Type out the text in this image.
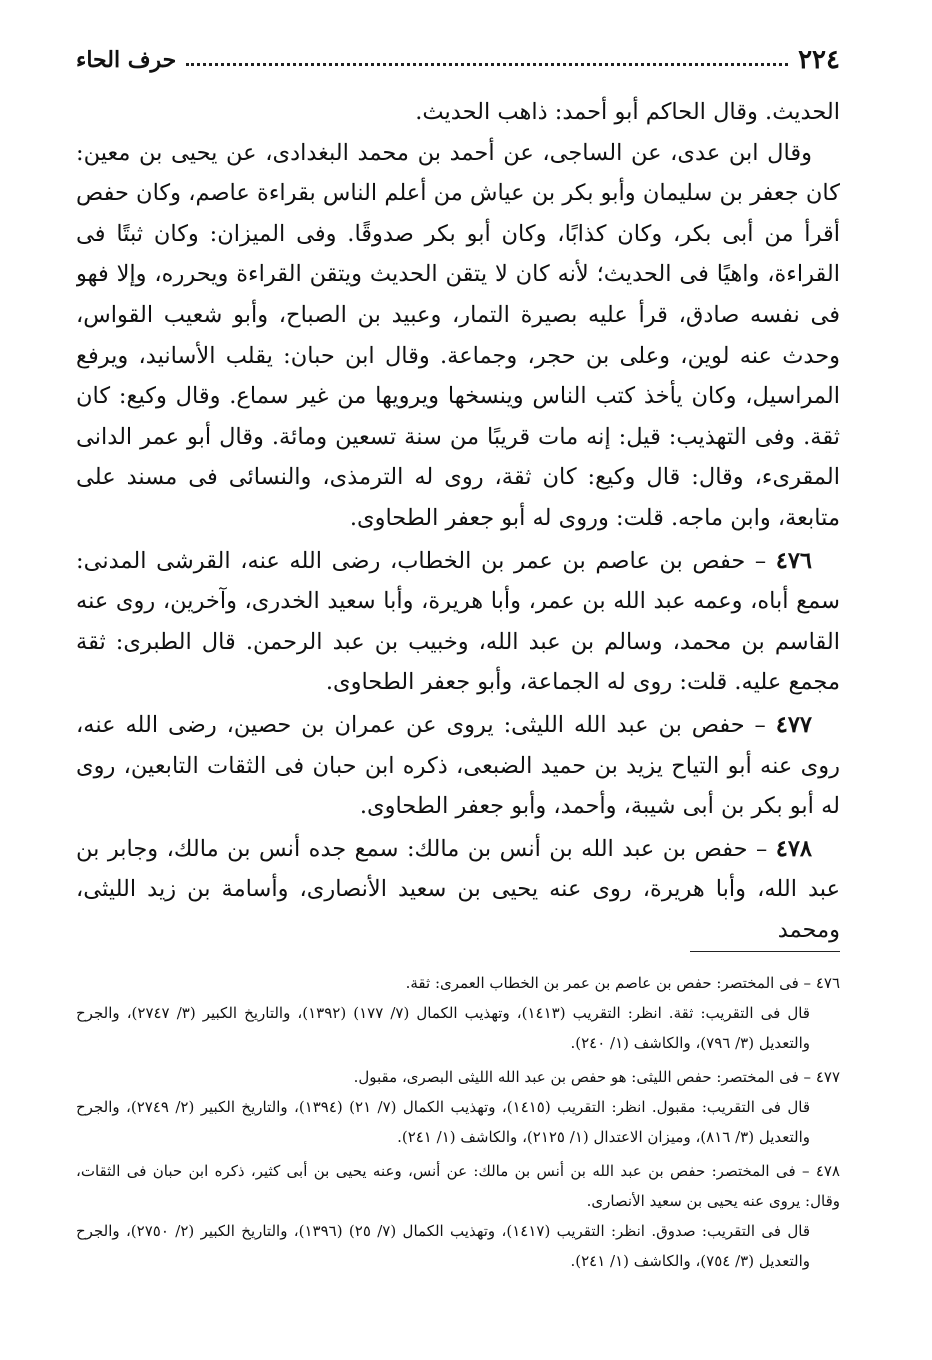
٢٢٤
حرف الحاء

الحديث. وقال الحاكم أبو أحمد: ذاهب الحديث.

وقال ابن عدى، عن الساجى، عن أحمد بن محمد البغدادى، عن يحيى بن معين: كان جعفر بن سليمان وأبو بكر بن عياش من أعلم الناس بقراءة عاصم، وكان حفص أقرأ من أبى بكر، وكان كذابًا، وكان أبو بكر صدوقًا. وفى الميزان: وكان ثبتًا فى القراءة، واهيًا فى الحديث؛ لأنه كان لا يتقن الحديث ويتقن القراءة ويحرره، وإلا فهو فى نفسه صادق، قرأ عليه بصيرة التمار، وعبيد بن الصباح، وأبو شعيب القواس، وحدث عنه لوين، وعلى بن حجر، وجماعة. وقال ابن حبان: يقلب الأسانيد، ويرفع المراسيل، وكان يأخذ كتب الناس وينسخها ويرويها من غير سماع. وقال وكيع: كان ثقة. وفى التهذيب: قيل: إنه مات قريبًا من سنة تسعين ومائة. وقال أبو عمر الدانى المقرىء، وقال: قال وكيع: كان ثقة، روى له الترمذى، والنسائى فى مسند على متابعة، وابن ماجه. قلت: وروى له أبو جعفر الطحاوى.

٤٧٦ – حفص بن عاصم بن عمر بن الخطاب، رضى الله عنه، القرشى المدنى: سمع أباه، وعمه عبد الله بن عمر، وأبا هريرة، وأبا سعيد الخدرى، وآخرين، روى عنه القاسم بن محمد، وسالم بن عبد الله، وخبيب بن عبد الرحمن. قال الطبرى: ثقة مجمع عليه. قلت: روى له الجماعة، وأبو جعفر الطحاوى.

٤٧٧ – حفص بن عبد الله الليثى: يروى عن عمران بن حصين، رضى الله عنه، روى عنه أبو التياح يزيد بن حميد الضبعى، ذكره ابن حبان فى الثقات التابعين، روى له أبو بكر بن أبى شيبة، وأحمد، وأبو جعفر الطحاوى.

٤٧٨ – حفص بن عبد الله بن أنس بن مالك: سمع جده أنس بن مالك، وجابر بن عبد الله، وأبا هريرة، روى عنه يحيى بن سعيد الأنصارى، وأسامة بن زيد الليثى، ومحمد

٤٧٦ – فى المختصر: حفص بن عاصم بن عمر بن الخطاب العمرى: ثقة.
قال فى التقريب: ثقة. انظر: التقريب (١٤١٣)، وتهذيب الكمال (٧/ ١٧٧) (١٣٩٢)، والتاريخ الكبير (٣/ ٢٧٤٧)، والجرح والتعديل (٣/ ٧٩٦)، والكاشف (١/ ٢٤٠).
٤٧٧ – فى المختصر: حفص الليثى: هو حفص بن عبد الله الليثى البصرى، مقبول.
قال فى التقريب: مقبول. انظر: التقريب (١٤١٥)، وتهذيب الكمال (٧/ ٢١) (١٣٩٤)، والتاريخ الكبير (٢/ ٢٧٤٩)، والجرح والتعديل (٣/ ٨١٦)، وميزان الاعتدال (١/ ٢١٢٥)، والكاشف (١/ ٢٤١).
٤٧٨ – فى المختصر: حفص بن عبد الله بن أنس بن مالك: عن أنس، وعنه يحيى بن أبى كثير، ذكره ابن حبان فى الثقات، وقال: يروى عنه يحيى بن سعيد الأنصارى.
قال فى التقريب: صدوق. انظر: التقريب (١٤١٧)، وتهذيب الكمال (٧/ ٢٥) (١٣٩٦)، والتاريخ الكبير (٢/ ٢٧٥٠)، والجرح والتعديل (٣/ ٧٥٤)، والكاشف (١/ ٢٤١).
